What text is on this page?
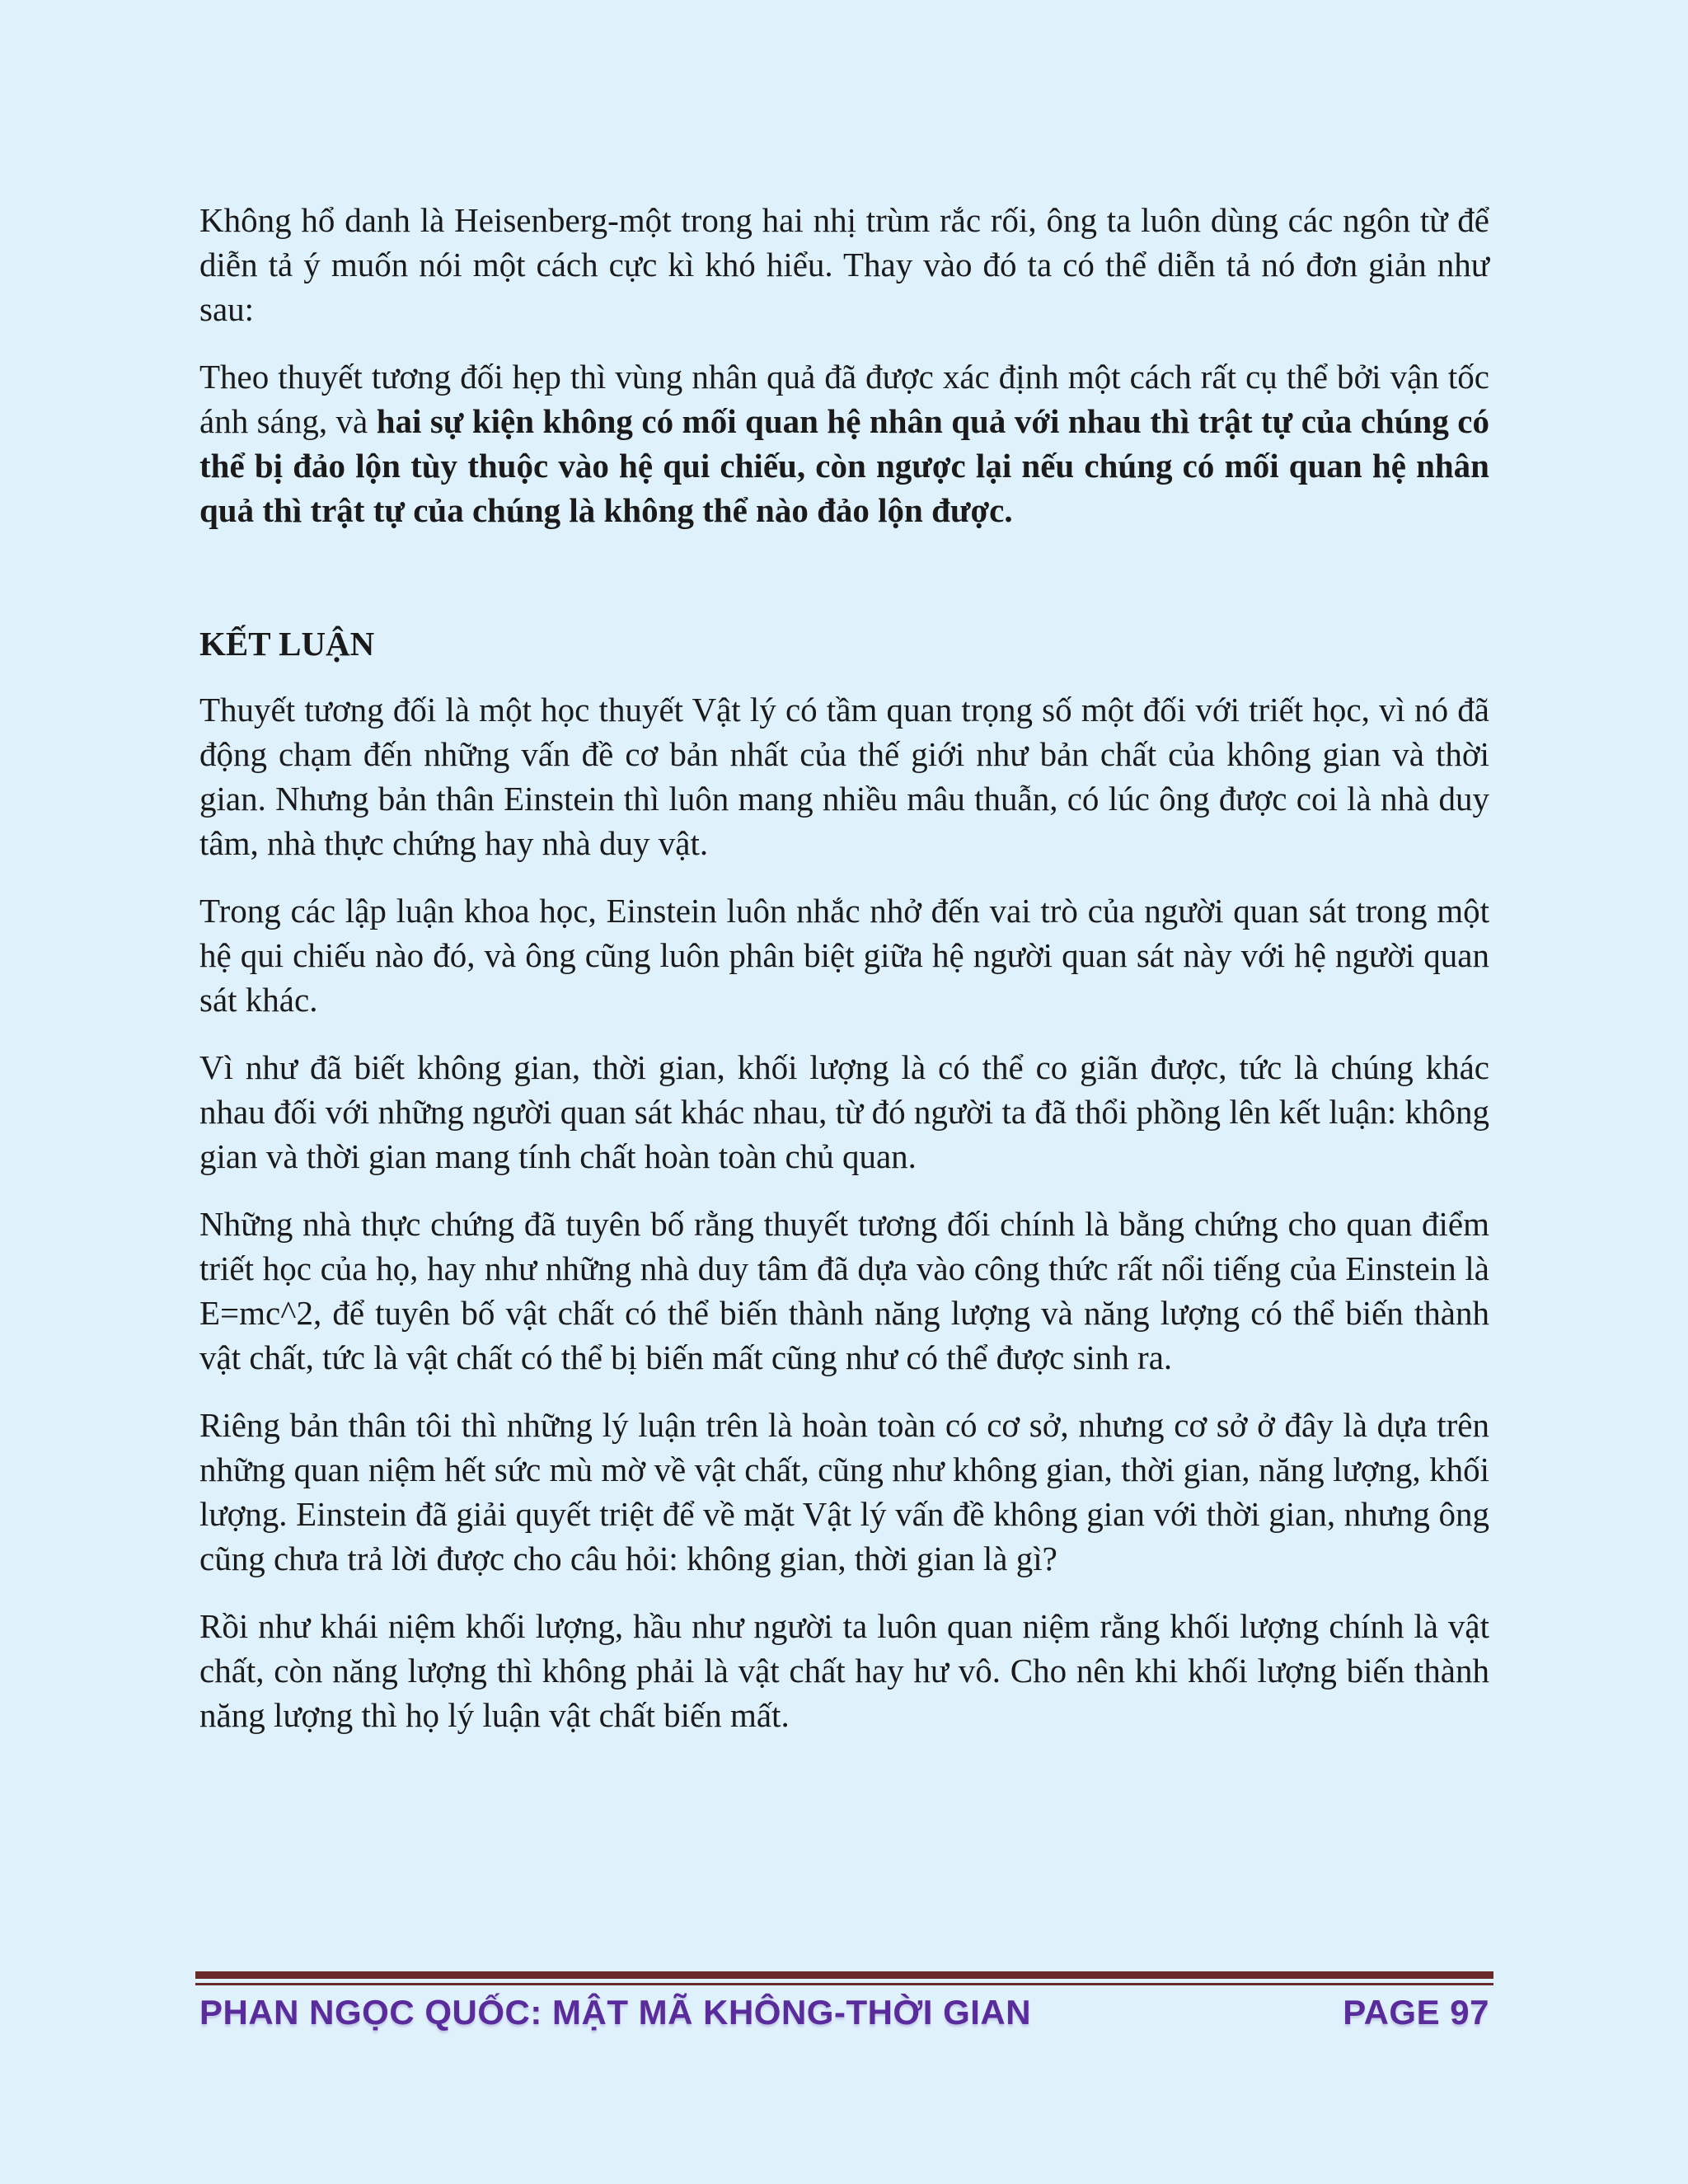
Không hổ danh là Heisenberg-một trong hai nhị trùm rắc rối, ông ta luôn dùng các ngôn từ để diễn tả ý muốn nói một cách cực kì khó hiểu. Thay vào đó ta có thể diễn tả nó đơn giản như sau:

Theo thuyết tương đối hẹp thì vùng nhân quả đã được xác định một cách rất cụ thể bởi vận tốc ánh sáng, và hai sự kiện không có mối quan hệ nhân quả với nhau thì trật tự của chúng có thể bị đảo lộn tùy thuộc vào hệ qui chiếu, còn ngược lại nếu chúng có mối quan hệ nhân quả thì trật tự của chúng là không thể nào đảo lộn được.

KẾT LUẬN

Thuyết tương đối là một học thuyết Vật lý có tầm quan trọng số một đối với triết học, vì nó đã động chạm đến những vấn đề cơ bản nhất của thế giới như bản chất của không gian và thời gian. Nhưng bản thân Einstein thì luôn mang nhiều mâu thuẫn, có lúc ông được coi là nhà duy tâm, nhà thực chứng hay nhà duy vật.

Trong các lập luận khoa học, Einstein luôn nhắc nhở đến vai trò của người quan sát trong một hệ qui chiếu nào đó, và ông cũng luôn phân biệt giữa hệ người quan sát này với hệ người quan sát khác.

Vì như đã biết không gian, thời gian, khối lượng là có thể co giãn được, tức là chúng khác nhau đối với những người quan sát khác nhau, từ đó người ta đã thổi phồng lên kết luận: không gian và thời gian mang tính chất hoàn toàn chủ quan.

Những nhà thực chứng đã tuyên bố rằng thuyết tương đối chính là bằng chứng cho quan điểm triết học của họ, hay như những nhà duy tâm đã dựa vào công thức rất nổi tiếng của Einstein là E=mc^2, để tuyên bố vật chất có thể biến thành năng lượng và năng lượng có thể biến thành vật chất, tức là vật chất có thể bị biến mất cũng như có thể được sinh ra.

Riêng bản thân tôi thì những lý luận trên là hoàn toàn có cơ sở, nhưng cơ sở ở đây là dựa trên những quan niệm hết sức mù mờ về vật chất, cũng như không gian, thời gian, năng lượng, khối lượng. Einstein đã giải quyết triệt để về mặt Vật lý vấn đề không gian với thời gian, nhưng ông cũng chưa trả lời được cho câu hỏi: không gian, thời gian là gì?

Rồi như khái niệm khối lượng, hầu như người ta luôn quan niệm rằng khối lượng chính là vật chất, còn năng lượng thì không phải là vật chất hay hư vô. Cho nên khi khối lượng biến thành năng lượng thì họ lý luận vật chất biến mất.

PHAN NGỌC QUỐC: MẬT MÃ KHÔNG-THỜI GIAN	PAGE 97
